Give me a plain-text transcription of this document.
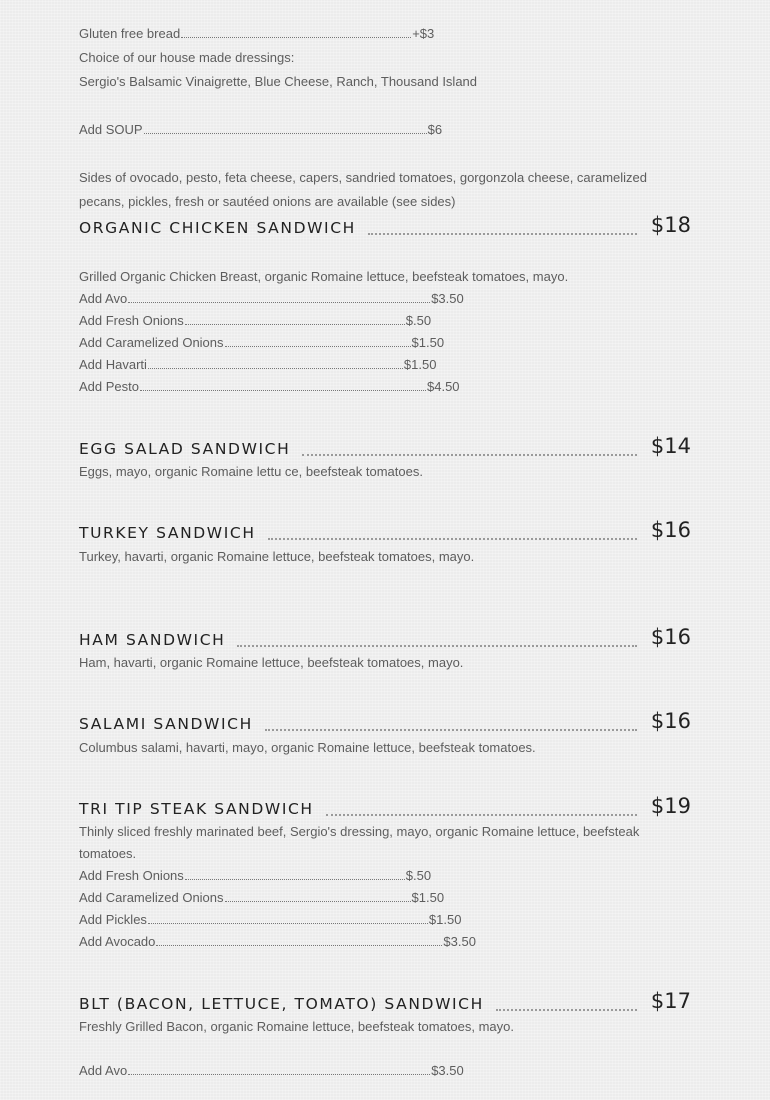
Gluten free bread	+$3
Choice of our house made dressings:
Sergio's Balsamic Vinaigrette, Blue Cheese, Ranch, Thousand Island
Add SOUP	$6
Sides of ovocado, pesto, feta cheese, capers, sandried tomatoes, gorgonzola cheese, caramelized pecans, pickles, fresh or sautéed onions are available (see sides)
ORGANIC CHICKEN SANDWICH	$18
Grilled Organic Chicken Breast, organic Romaine lettuce, beefsteak tomatoes, mayo.
Add Avo	$3.50
Add Fresh Onions	$.50
Add Caramelized Onions	$1.50
Add Havarti	$1.50
Add Pesto	$4.50
EGG SALAD SANDWICH	$14
Eggs, mayo, organic Romaine lettu ce, beefsteak tomatoes.
TURKEY SANDWICH	$16
Turkey, havarti, organic Romaine lettuce, beefsteak tomatoes, mayo.
HAM SANDWICH	$16
Ham, havarti, organic Romaine lettuce, beefsteak tomatoes, mayo.
SALAMI SANDWICH	$16
Columbus salami, havarti, mayo, organic Romaine lettuce, beefsteak tomatoes.
TRI TIP STEAK SANDWICH	$19
Thinly sliced freshly marinated beef, Sergio's dressing, mayo, organic Romaine lettuce, beefsteak tomatoes.
Add Fresh Onions	$.50
Add Caramelized Onions	$1.50
Add Pickles	$1.50
Add Avocado	$3.50
BLT (BACON, LETTUCE, TOMATO) SANDWICH	$17
Freshly Grilled Bacon, organic Romaine lettuce, beefsteak tomatoes, mayo.
Add Avo	$3.50
